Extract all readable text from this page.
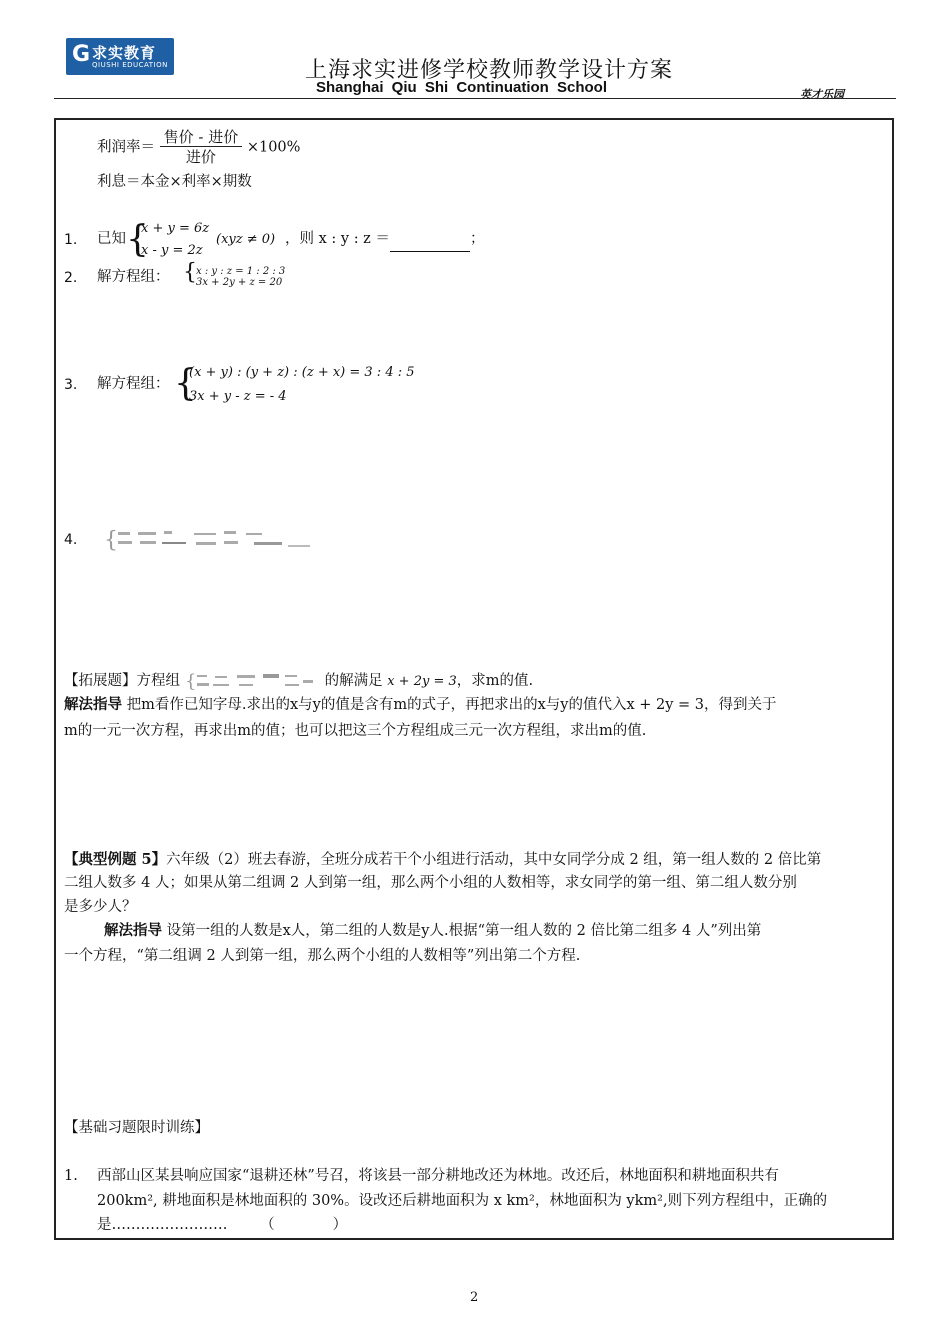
G 求实教育
QIUSHI EDUCATION	上海求实进修学校教师教学设计方案
Shanghai Qiu Shi Continuation School	英才乐园
利润率＝ $\frac{\text{售价 - 进价}}{\text{进价}} \times 100\%$
利息＝本金×利率×期数
1. 已知 {
x + y = 6z
x - y = 2z
(xyz ≠ 0) ，则 x : y : z ＝	；
2. 解方程组： { x : y : z = 1 : 2 : 3
3x + 2y + z = 20
3. 解方程组： {
(x + y) : (y + z) : (z + x) = 3 : 4 : 5
3x + y - z = - 4
4. {
【拓展题】方程组 {	的解满足 x + 2y = 3，求m的值.
解法指导 把m看作已知字母.求出的x与y的值是含有m的式子，再把求出的x与y的值代入x + 2y = 3，得到关于
m的一元一次方程，再求出m的值；也可以把这三个方程组成三元一次方程组，求出m的值.
【典型例题 5】六年级（2）班去春游，全班分成若干个小组进行活动，其中女同学分成 2 组，第一组人数的 2 倍比第
二组人数多 4 人；如果从第二组调 2 人到第一组，那么两个小组的人数相等，求女同学的第一组、第二组人数分别
是多少人？
解法指导 设第一组的人数是x人，第二组的人数是y人.根据“第一组人数的 2 倍比第二组多 4 人”列出第
一个方程，“第二组调 2 人到第一组，那么两个小组的人数相等”列出第二个方程.
【基础习题限时训练】
1. 西部山区某县响应国家“退耕还林”号召，将该县一部分耕地改还为林地。改还后，林地面积和耕地面积共有
200km², 耕地面积是林地面积的 30%。设改还后耕地面积为 x km²，林地面积为 ykm²,则下列方程组中，正确的
是…………………… （　　　　）
2
